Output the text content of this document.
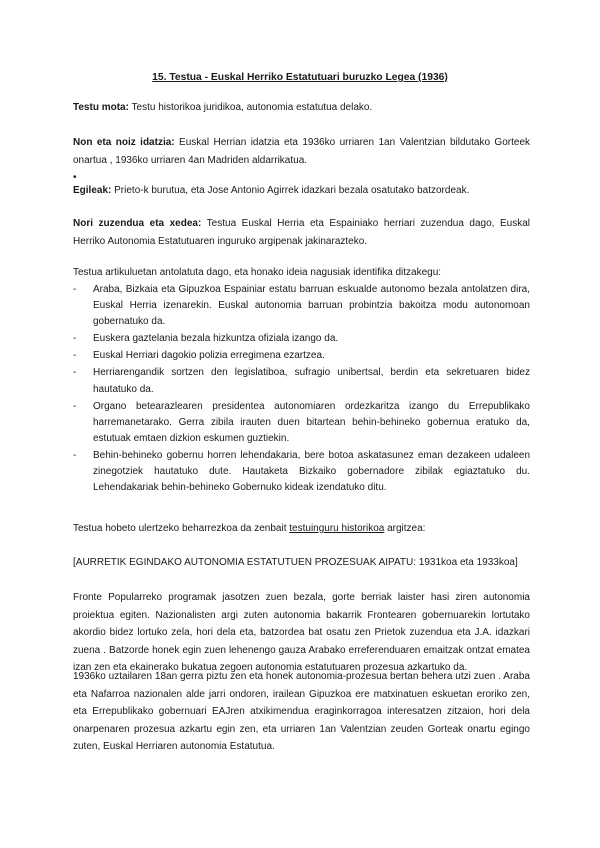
15. Testua - Euskal Herriko Estatutuari buruzko Legea (1936)
Testu mota: Testu historikoa juridikoa, autonomia estatutua delako.
Non eta noiz idatzia: Euskal Herrian idatzia eta 1936ko urriaren 1an Valentzian bildutako Gorteek onartua , 1936ko urriaren 4an Madriden aldarrikatua.
•
Egileak: Prieto-k burutua, eta Jose Antonio Agirrek idazkari bezala osatutako batzordeak.
Nori zuzendua eta xedea: Testua Euskal Herria eta Espainiako herriari zuzendua dago, Euskal Herriko Autonomia Estatutuaren inguruko argipenak jakinarazteko.
Testua artikuluetan antolatuta dago, eta honako ideia nagusiak identifika ditzakegu:
- Araba, Bizkaia eta Gipuzkoa Espainiar estatu barruan eskualde autonomo bezala antolatzen dira, Euskal Herria izenarekin. Euskal autonomia barruan probintzia bakoitza modu autonomoan gobernatuko da.
- Euskera gaztelania bezala hizkuntza ofiziala izango da.
- Euskal Herriari dagokio polizia erregimena ezartzea.
- Herriarengandik sortzen den legislatiboa, sufragio unibertsal, berdin eta sekretuaren bidez hautatuko da.
- Organo betearazlearen presidentea autonomiaren ordezkaritza izango du Errepublikako harremanetarako. Gerra zibila irauten duen bitartean behin-behineko gobernua eratuko da, estutuak emtaen dizkion eskumen guztiekin.
- Behin-behineko gobernu horren lehendakaria, bere botoa askatasunez eman dezakeen udaleen zinegotziek hautatuko dute. Hautaketa Bizkaiko gobernadore zibilak egiaztatuko du. Lehendakariak behin-behineko Gobernuko kideak izendatuko ditu.
Testua hobeto ulertzeko beharrezkoa da zenbait testuinguru historikoa argitzea:
[AURRETIK EGINDAKO AUTONOMIA ESTATUTUEN PROZESUAK AIPATU: 1931koa eta 1933koa]
Fronte Popularreko programak jasotzen zuen bezala, gorte berriak laister hasi ziren autonomia proiektua egiten. Nazionalisten argi zuten autonomia bakarrik Frontearen gobernuarekin lortutako akordio bidez lortuko zela, hori dela eta, batzordea bat osatu zen Prietok zuzendua eta J.A. idazkari zuena . Batzorde honek egin zuen lehenengo gauza Arabako erreferenduaren emaitzak ontzat ematea izan zen eta ekainerako bukatua zegoen autonomia estatutuaren prozesua azkartuko da.
1936ko uztailaren 18an gerra piztu zen eta honek autonomia-prozesua bertan behera utzi zuen . Araba eta Nafarroa nazionalen alde jarri ondoren, irailean Gipuzkoa ere matxinatuen eskuetan eroriko zen, eta Errepublikako gobernuari EAJren atxikimendua eraginkorragoa interesatzen zitzaion, hori dela onarpenaren prozesua azkartu egin zen, eta urriaren 1an Valentzian zeuden Gorteak onartu egingo zuten, Euskal Herriaren autonomia Estatutua.
